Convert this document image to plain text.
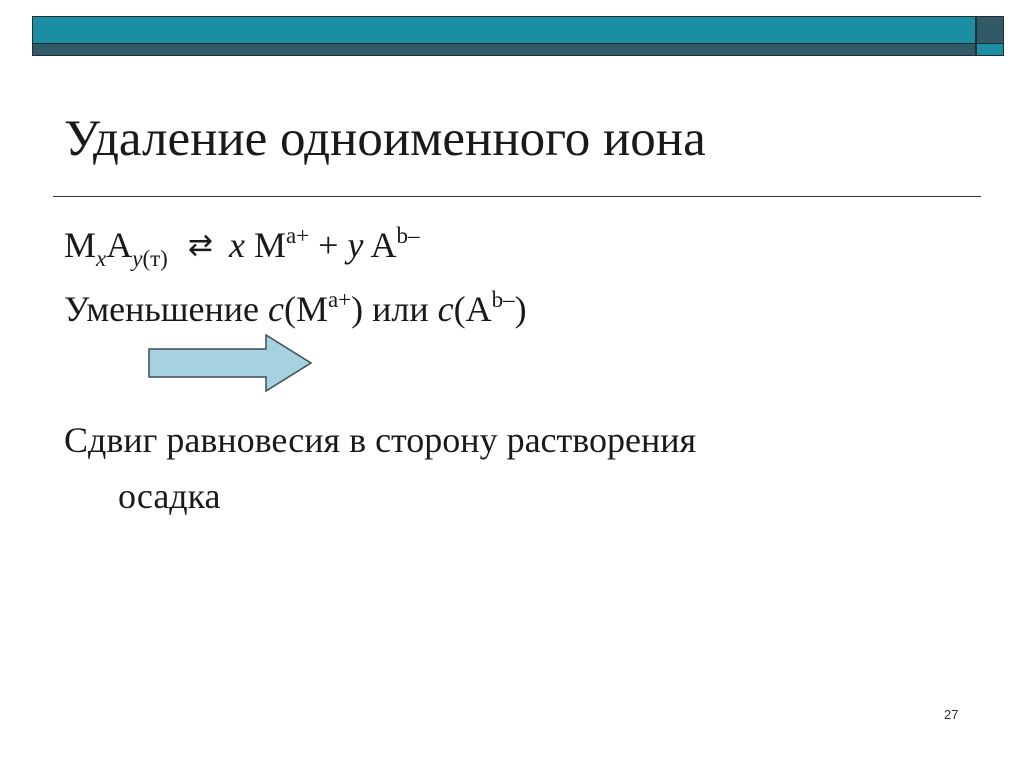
Удаление одноименного иона
$M_xA_{y(т)}$ ⇄ x $M^{a+} + y$ $A^{b-}$
Уменьшение $c(M^{a+})$ или $c(A^{b-})$
Сдвиг равновесия в сторону растворения
осадка
27
